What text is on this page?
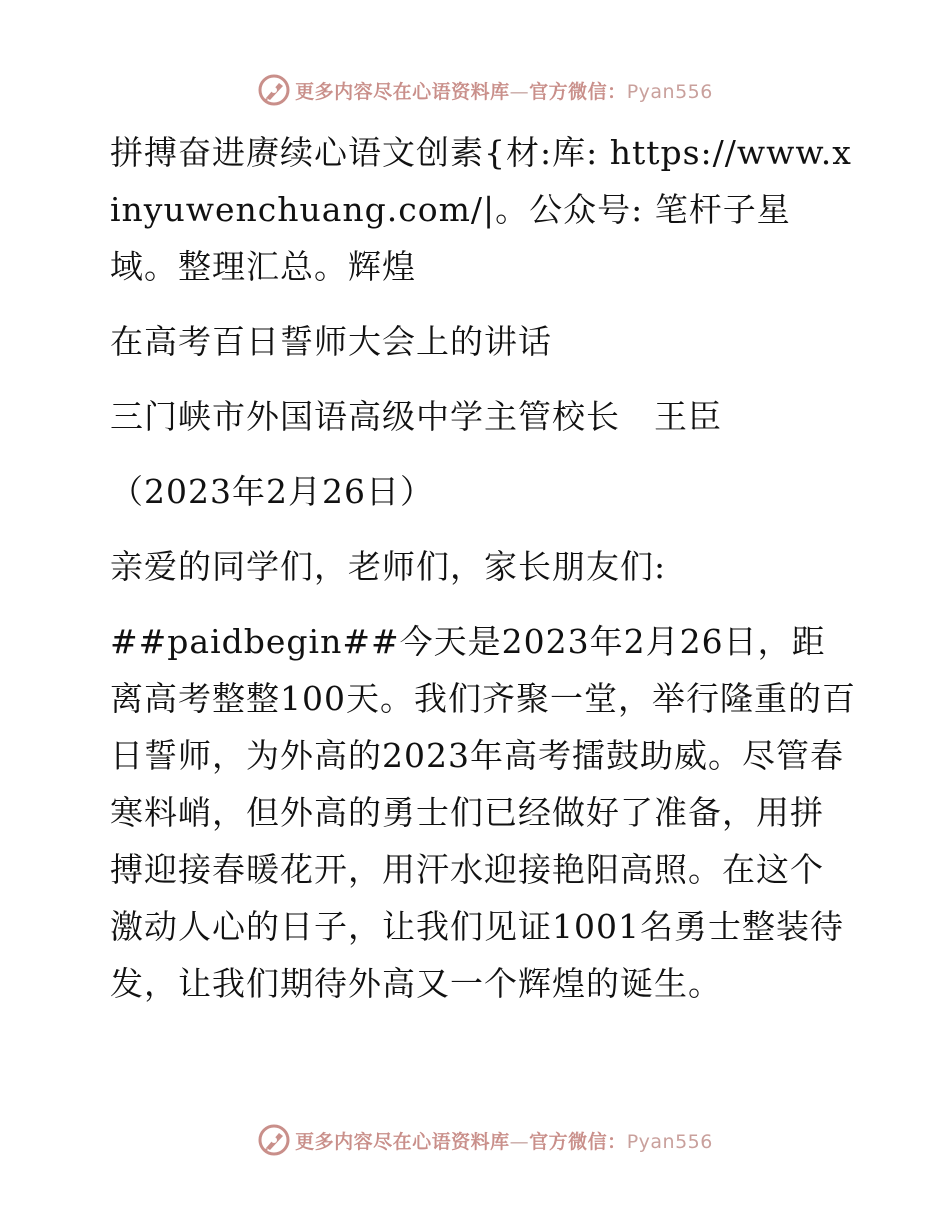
更多内容尽在心语资料库—官方微信：Pyan556

拼搏奋进赓续心语文创素{材:库: https://www.xinyuwenchuang.com/|。公众号: 笔杆子星域。整理汇总。辉煌

在高考百日誓师大会上的讲话

三门峡市外国语高级中学主管校长　王臣

（2023年2月26日）

亲爱的同学们，老师们，家长朋友们:

##paidbegin##今天是2023年2月26日，距离高考整整100天。我们齐聚一堂，举行隆重的百日誓师，为外高的2023年高考擂鼓助威。尽管春寒料峭，但外高的勇士们已经做好了准备，用拼搏迎接春暖花开，用汗水迎接艳阳高照。在这个激动人心的日子，让我们见证1001名勇士整装待发，让我们期待外高又一个辉煌的诞生。

更多内容尽在心语资料库—官方微信：Pyan556
